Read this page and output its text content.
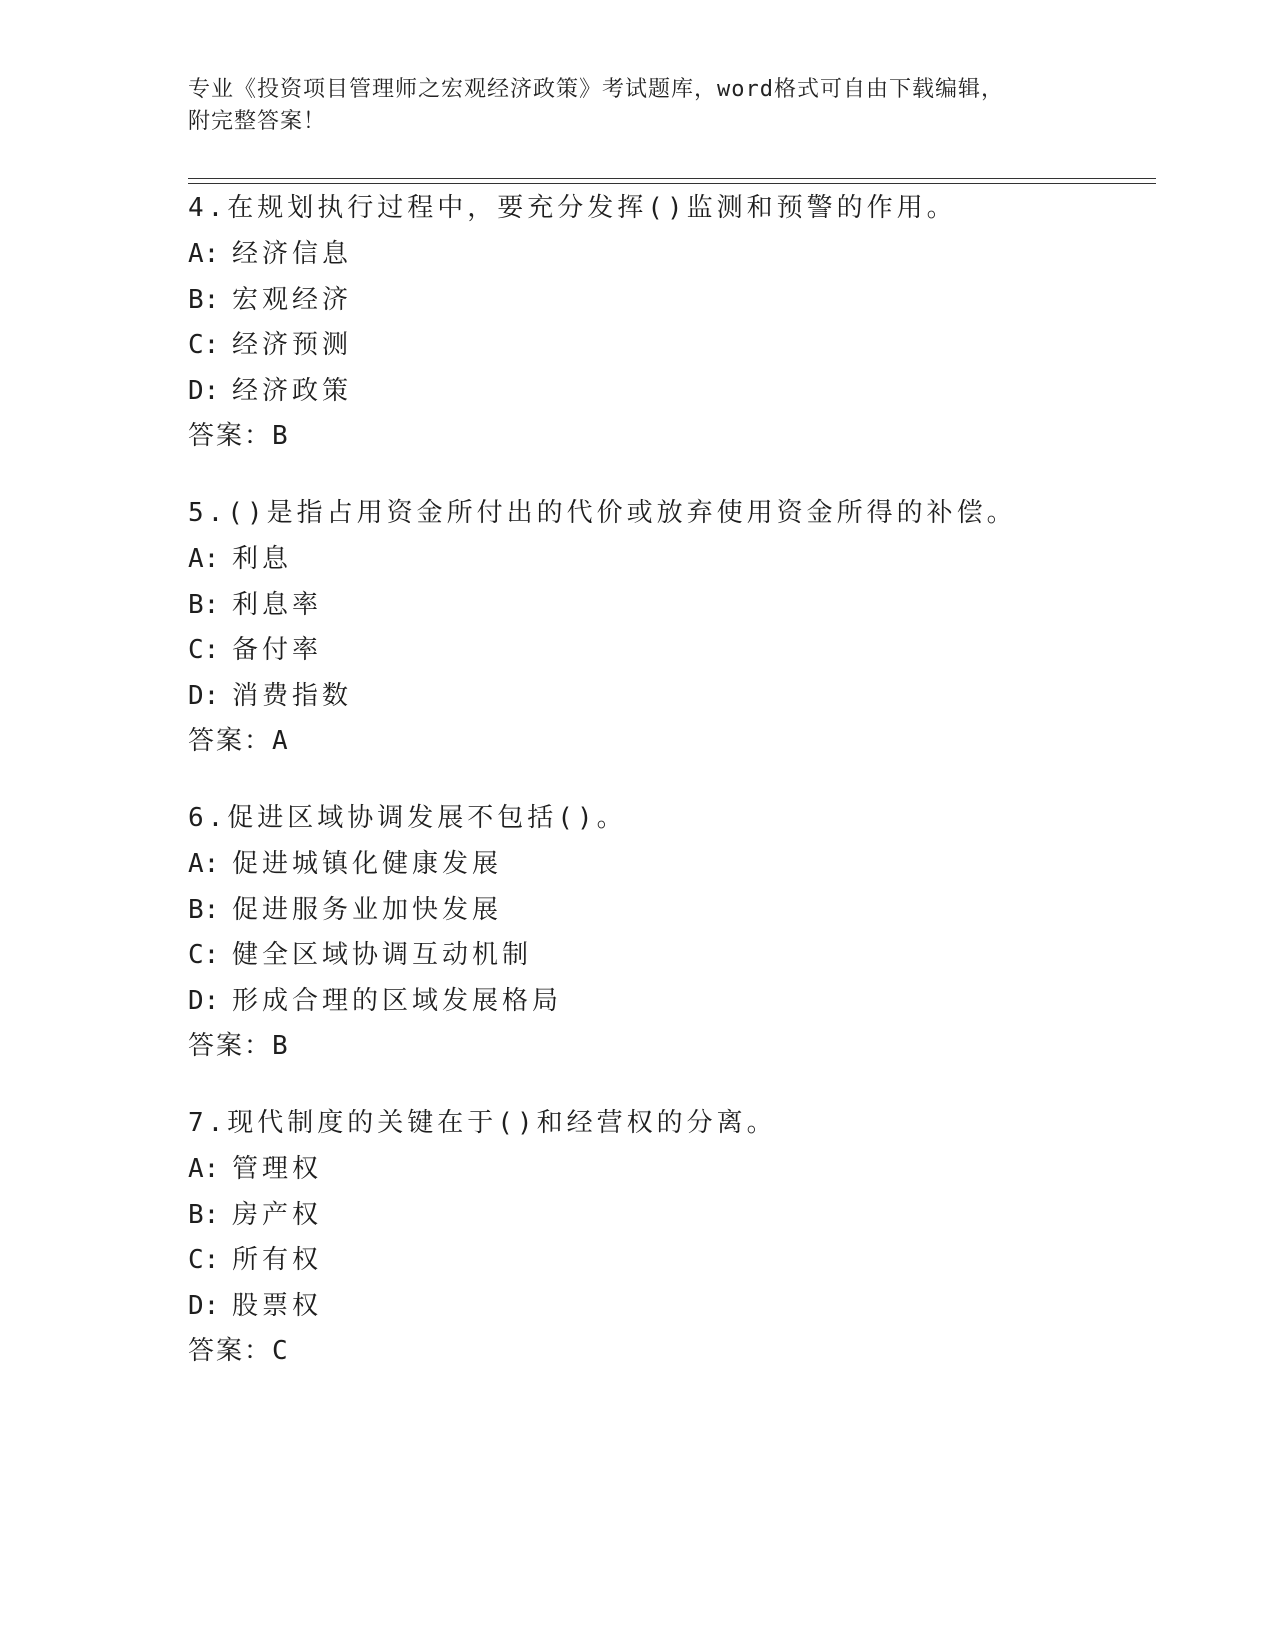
专业《投资项目管理师之宏观经济政策》考试题库，word格式可自由下载编辑，
附完整答案！
4.在规划执行过程中，要充分发挥()监测和预警的作用。
A: 经济信息
B: 宏观经济
C: 经济预测
D: 经济政策
答案：B
5.()是指占用资金所付出的代价或放弃使用资金所得的补偿。
A: 利息
B: 利息率
C: 备付率
D: 消费指数
答案：A
6.促进区域协调发展不包括()。
A: 促进城镇化健康发展
B: 促进服务业加快发展
C: 健全区域协调互动机制
D: 形成合理的区域发展格局
答案：B
7.现代制度的关键在于()和经营权的分离。
A: 管理权
B: 房产权
C: 所有权
D: 股票权
答案：C
